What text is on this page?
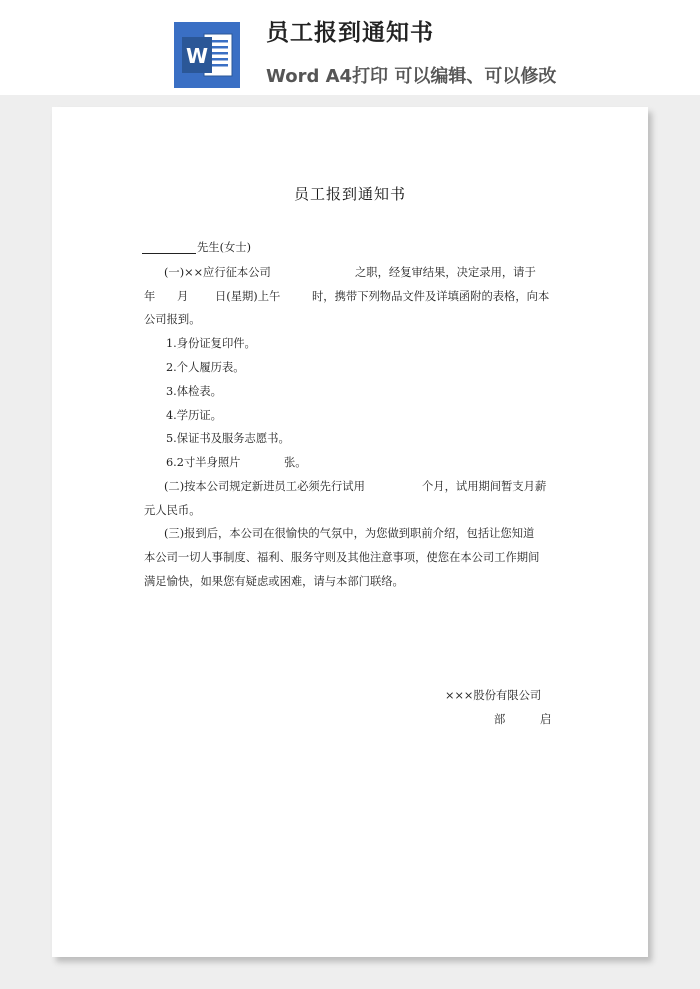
W
员工报到通知书
Word A4打印 可以编辑、可以修改
员工报到通知书
先生(女士)
(一)××应行征本公司	之职，经复审结果，决定录用，请于
年 月 日(星期)上午	时，携带下列物品文件及详填函附的表格，向本
公司报到。
1.身份证复印件。
2.个人履历表。
3.体检表。
4.学历证。
5.保证书及服务志愿书。
6.2寸半身照片	张。
(二)按本公司规定新进员工必须先行试用	个月，试用期间暂支月薪
元人民币。
(三)报到后，本公司在很愉快的气氛中，为您做到职前介绍，包括让您知道
本公司一切人事制度、福利、服务守则及其他注意事项，使您在本公司工作期间
满足愉快，如果您有疑虑或困难，请与本部门联络。
×××股份有限公司
部	启
